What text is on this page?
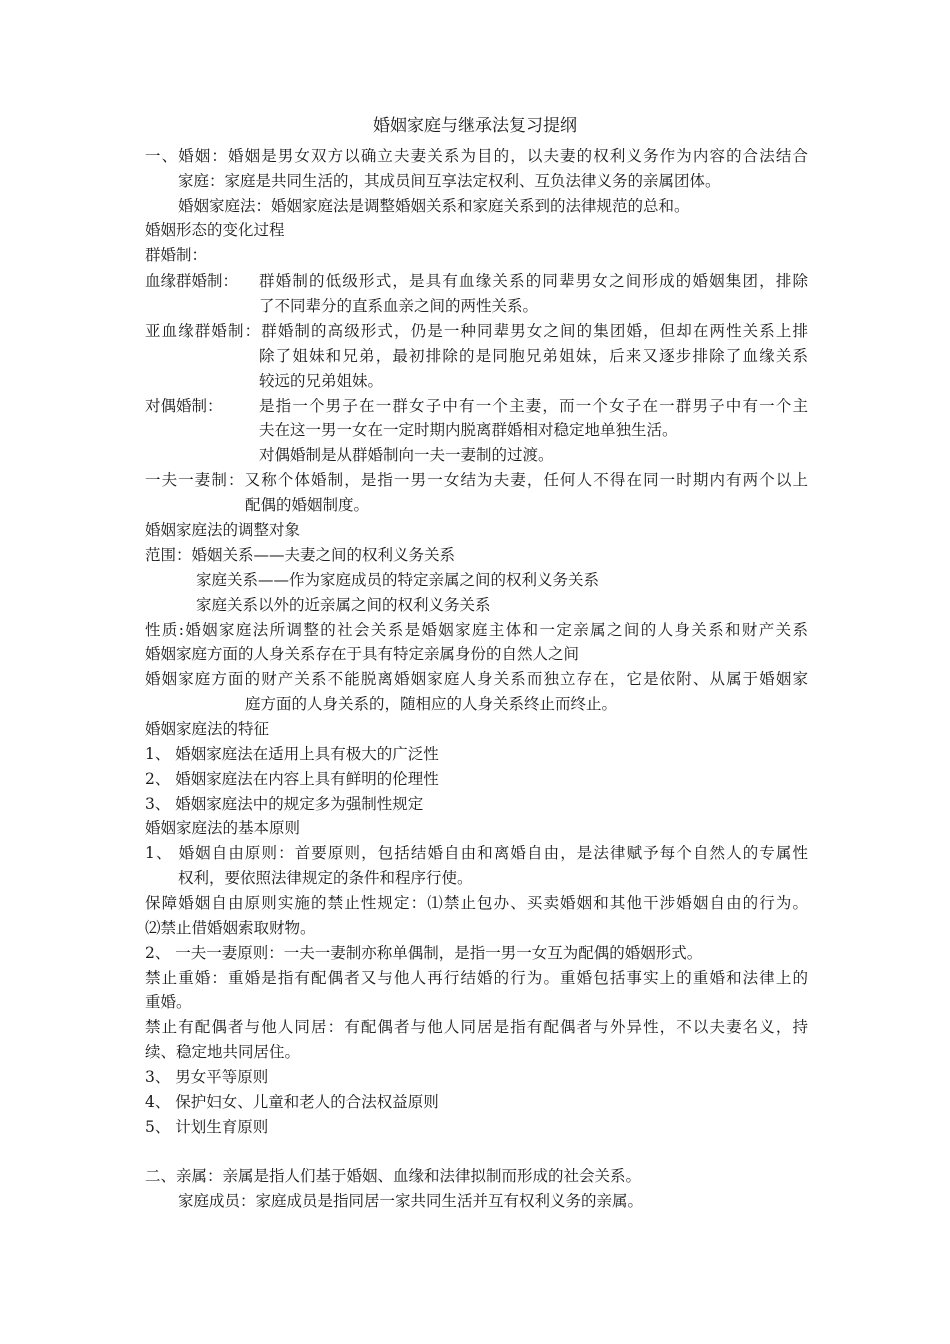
婚姻家庭与继承法复习提纲
一、婚姻：婚姻是男女双方以确立夫妻关系为目的，以夫妻的权利义务作为内容的合法结合
家庭：家庭是共同生活的，其成员间互享法定权利、互负法律义务的亲属团体。
婚姻家庭法：婚姻家庭法是调整婚姻关系和家庭关系到的法律规范的总和。
婚姻形态的变化过程
群婚制：
血缘群婚制： 群婚制的低级形式，是具有血缘关系的同辈男女之间形成的婚姻集团，排除
了不同辈分的直系血亲之间的两性关系。
亚血缘群婚制：群婚制的高级形式，仍是一种同辈男女之间的集团婚，但却在两性关系上排
除了姐妹和兄弟，最初排除的是同胞兄弟姐妹，后来又逐步排除了血缘关系
较远的兄弟姐妹。
对偶婚制： 是指一个男子在一群女子中有一个主妻，而一个女子在一群男子中有一个主
夫在这一男一女在一定时期内脱离群婚相对稳定地单独生活。
对偶婚制是从群婚制向一夫一妻制的过渡。
一夫一妻制：又称个体婚制，是指一男一女结为夫妻，任何人不得在同一时期内有两个以上
配偶的婚姻制度。
婚姻家庭法的调整对象
范围：婚姻关系——夫妻之间的权利义务关系
家庭关系——作为家庭成员的特定亲属之间的权利义务关系
家庭关系以外的近亲属之间的权利义务关系
性质:婚姻家庭法所调整的社会关系是婚姻家庭主体和一定亲属之间的人身关系和财产关系
婚姻家庭方面的人身关系存在于具有特定亲属身份的自然人之间
婚姻家庭方面的财产关系不能脱离婚姻家庭人身关系而独立存在，它是依附、从属于婚姻家
庭方面的人身关系的，随相应的人身关系终止而终止。
婚姻家庭法的特征
1、 婚姻家庭法在适用上具有极大的广泛性
2、 婚姻家庭法在内容上具有鲜明的伦理性
3、 婚姻家庭法中的规定多为强制性规定
婚姻家庭法的基本原则
1、 婚姻自由原则：首要原则，包括结婚自由和离婚自由，是法律赋予每个自然人的专属性
权利，要依照法律规定的条件和程序行使。
保障婚姻自由原则实施的禁止性规定：⑴禁止包办、买卖婚姻和其他干涉婚姻自由的行为。
⑵禁止借婚姻索取财物。
2、 一夫一妻原则：一夫一妻制亦称单偶制，是指一男一女互为配偶的婚姻形式。
禁止重婚：重婚是指有配偶者又与他人再行结婚的行为。重婚包括事实上的重婚和法律上的
重婚。
禁止有配偶者与他人同居：有配偶者与他人同居是指有配偶者与外异性，不以夫妻名义，持
续、稳定地共同居住。
3、 男女平等原则
4、 保护妇女、儿童和老人的合法权益原则
5、 计划生育原则
二、亲属：亲属是指人们基于婚姻、血缘和法律拟制而形成的社会关系。
家庭成员：家庭成员是指同居一家共同生活并互有权利义务的亲属。
